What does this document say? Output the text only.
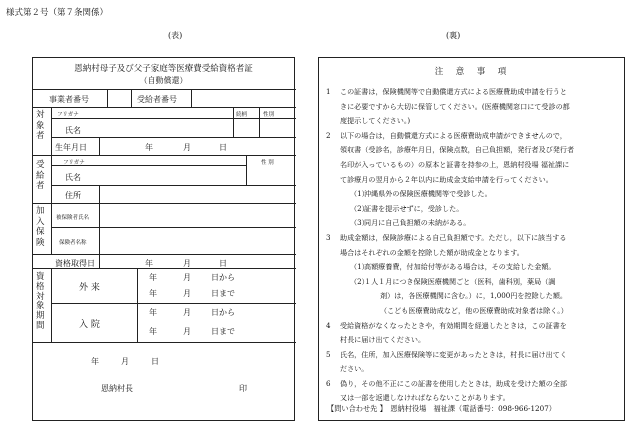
様式第２号（第７条関係）
(表)	(裏)
恩納村母子及び父子家庭等医療費受給資格者証
（自動償還）
事業者番号	受給者番号
対
象
者
フリガナ
氏名
続柄	性別
生年月日	年	月	日
受
給
者
フリガナ
氏名
性 別
住所
加
入
保
険
被保険者氏名
保険者名称
資格取得日	年	月	日
資
格
対
象
期
間
外 来
年	月	日から
年	月	日まで
入 院
年	月	日から
年	月	日まで
年	月	日
恩納村長	印
注　意　事　項
1	この証書は，保険機関等で自動償還方式による医療費助成申請を行うと
きに必要ですから大切に保管してください。(医療機関窓口にて受診の都
度提示してください。)
2	以下の場合は，自動償還方式による医療費助成申請ができませんので，
領収書（受診名，診療年月日，保険点数，自己負担額，発行者及び発行者
名印が入っているもの）の原本と証書を持参の上，恩納村役場 福祉課に
て診療月の翌月から２年以内に助成金支給申請を行ってください。
（1）
沖縄県外の保険医療機関等で受診した。
（2）
証書を提示せずに，受診した。
（3）
同月に自己負担額の未納がある。
3	助成金額は，保険診療による自己負担額です。ただし，以下に該当する
場合はそれぞれの金額を控除した額が助成金となります。
（1）
高額療養費，付加給付等がある場合は，その支給した金額。
（2）
１人１月につき保険医療機関ごと（医科，歯科別，薬局（調
剤）は，各医療機関に含む。）に，1,000円を控除した額。
（こども医療費助成など，他の医療費助成対象者は除く。）
4	受給資格がなくなったときや，有効期間を経過したときは，この証書を
村長に届け出てください。
5	氏名，住所，加入医療保険等に変更があったときは，村長に届け出てく
ださい。
6	偽り，その他不正にこの証書を使用したときは，助成を受けた額の全部
又は一部を返還しなければならないことがあります。
【問い合わせ先 】　恩納村役場　福祉課（電話番号：098-966-1207）
